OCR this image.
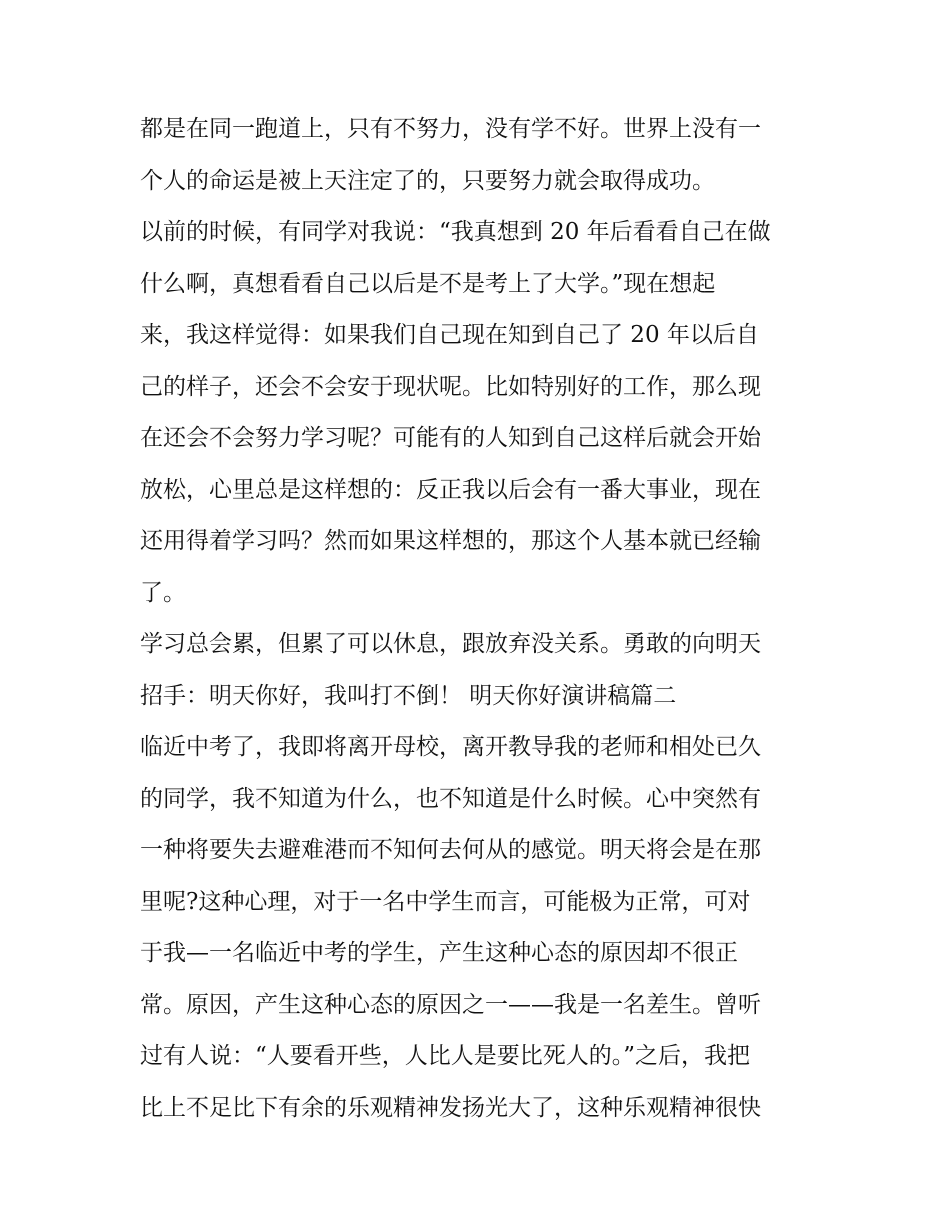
都是在同一跑道上，只有不努力，没有学不好。世界上没有一

个人的命运是被上天注定了的，只要努力就会取得成功。

以前的时候，有同学对我说：“我真想到 20 年后看看自己在做

什么啊，真想看看自己以后是不是考上了大学。”现在想起

来，我这样觉得：如果我们自己现在知到自己了 20 年以后自

己的样子，还会不会安于现状呢。比如特别好的工作，那么现

在还会不会努力学习呢？可能有的人知到自己这样后就会开始

放松，心里总是这样想的：反正我以后会有一番大事业，现在

还用得着学习吗？然而如果这样想的，那这个人基本就已经输

了。

学习总会累，但累了可以休息，跟放弃没关系。勇敢的向明天

招手：明天你好，我叫打不倒！ 明天你好演讲稿篇二

临近中考了，我即将离开母校，离开教导我的老师和相处已久

的同学，我不知道为什么，也不知道是什么时候。心中突然有

一种将要失去避难港而不知何去何从的感觉。明天将会是在那

里呢?这种心理，对于一名中学生而言，可能极为正常，可对

于我—一名临近中考的学生，产生这种心态的原因却不很正

常。原因，产生这种心态的原因之一——我是一名差生。曾听

过有人说：“人要看开些，人比人是要比死人的。”之后，我把

比上不足比下有余的乐观精神发扬光大了，这种乐观精神很快
